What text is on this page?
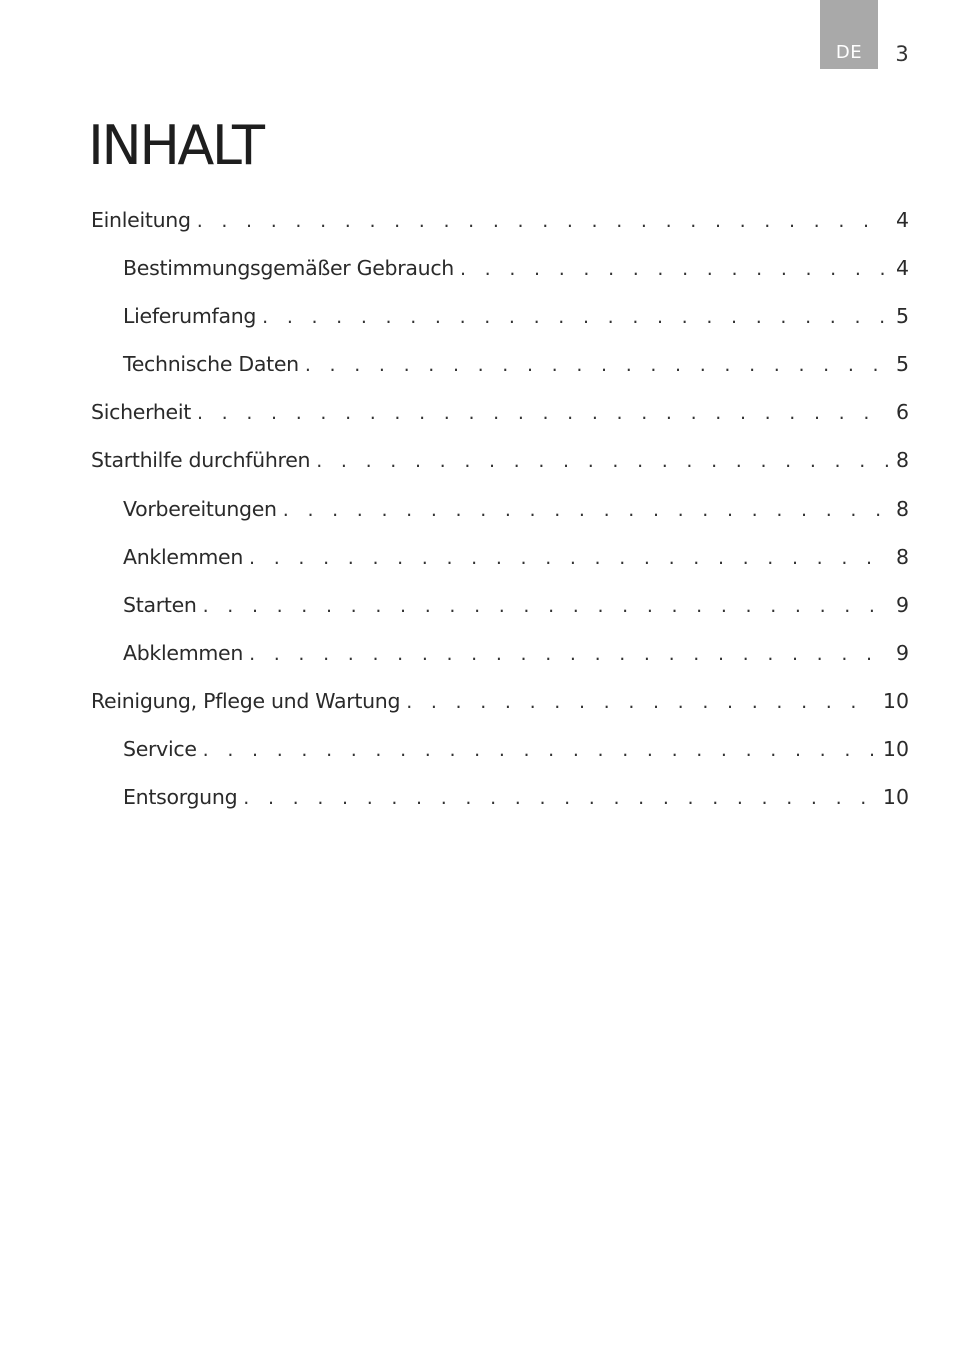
DE	3
INHALT
Einleitung . . .	4
Bestimmungsgemäßer Gebrauch . . .	4
Lieferumfang . . .	5
Technische Daten . . .	5
Sicherheit . . .	6
Starthilfe durchführen . . .	8
Vorbereitungen . . .	8
Anklemmen . . .	8
Starten . . .	9
Abklemmen . . .	9
Reinigung, Pflege und Wartung . . .	10
Service . . .	10
Entsorgung . . .	10
